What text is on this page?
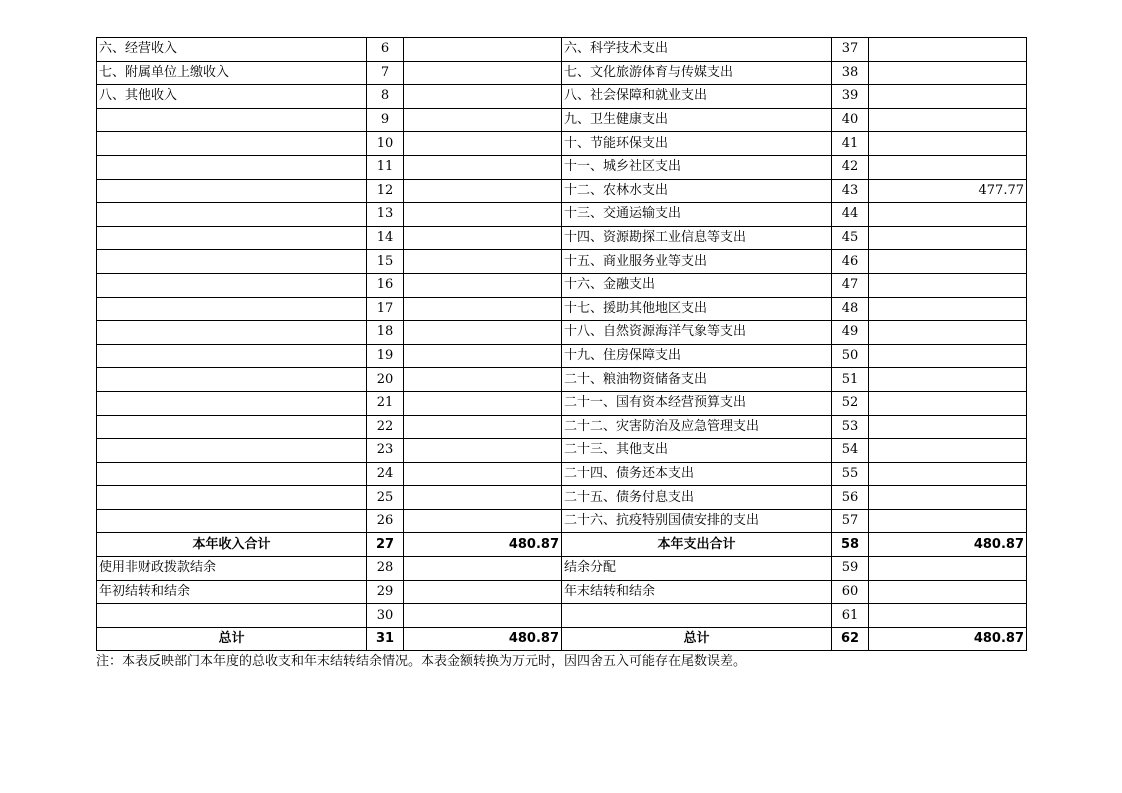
六、经营收入	6		六、科学技术支出	37	
七、附属单位上缴收入	7		七、文化旅游体育与传媒支出	38	
八、其他收入	8		八、社会保障和就业支出	39	
	9		九、卫生健康支出	40	
	10		十、节能环保支出	41	
	11		十一、城乡社区支出	42	
	12		十二、农林水支出	43	477.77
	13		十三、交通运输支出	44	
	14		十四、资源勘探工业信息等支出	45	
	15		十五、商业服务业等支出	46	
	16		十六、金融支出	47	
	17		十七、援助其他地区支出	48	
	18		十八、自然资源海洋气象等支出	49	
	19		十九、住房保障支出	50	
	20		二十、粮油物资储备支出	51	
	21		二十一、国有资本经营预算支出	52	
	22		二十二、灾害防治及应急管理支出	53	
	23		二十三、其他支出	54	
	24		二十四、债务还本支出	55	
	25		二十五、债务付息支出	56	
	26		二十六、抗疫特别国债安排的支出	57	
本年收入合计	27	480.87	本年支出合计	58	480.87
使用非财政拨款结余	28		结余分配	59	
年初结转和结余	29		年末结转和结余	60	
	30			61	
总计	31	480.87	总计	62	480.87
注：本表反映部门本年度的总收支和年末结转结余情况。本表金额转换为万元时，因四舍五入可能存在尾数误差。
